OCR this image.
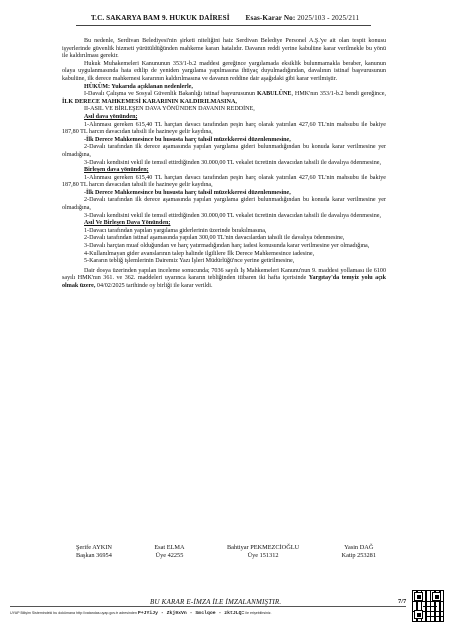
T.C. SAKARYA BAM 9. HUKUK DAİRESİ Esas-Karar No: 2025/103 - 2025/211

Bu nedenle, Serdivan Belediyesi'nin şirketi niteliğini haiz Serdivan Belediye Personel A.Ş.'ye ait olan tespit konusu işyerlerinde güvenlik hizmeti yürütüldüğünden mahkeme kararı hatalıdır. Davanın reddi yerine kabulüne karar verilmekle bu yönü ile kaldırılması gerekir.

Hukuk Muhakemeleri Kanununun 353/1-b.2 maddesi gereğince yargılamada eksiklik bulunmamakla beraber, kanunun olaya uygulanmasında hata edilip de yeniden yargılama yapılmasına ihtiyaç duyulmadığından, davalının istinaf başvurusunun kabulüne, ilk derece mahkemesi kararının kaldırılmasına ve davanın reddine dair aşağıdaki gibi karar verilmiştir.

HÜKÜM: Yukarıda açıklanan nedenlerle,

I-Davalı Çalışma ve Sosyal Güvenlik Bakanlığı istinaf başvurusunun KABULÜNE, HMK'nın 353/1-b.2 bendi gereğince, İLK DERECE MAHKEMESİ KARARININ KALDIRILMASINA,

II-ASIL VE BİRLEŞEN DAVA YÖNÜNDEN DAVANIN REDDİNE,

Asıl dava yönünden;

1-Alınması gereken 615,40 TL harçtan davacı tarafından peşin harç olarak yatırılan 427,60 TL'nin mahsubu ile bakiye 187,80 TL harcın davacıdan tahsili ile hazineye gelir kaydına,

-İlk Derece Mahkemesince bu hususta harç tahsil müzekkeresi düzenlenmesine,

2-Davalı tarafından ilk derece aşamasında yapılan yargılama gideri bulunmadığından bu konuda karar verilmesine yer olmadığına,

3-Davalı kendisini vekil ile temsil ettirdiğinden 30.000,00 TL vekalet ücretinin davacıdan tahsili ile davalıya ödenmesine,

Birleşen dava yönünden;

1-Alınması gereken 615,40 TL harçtan davacı tarafından peşin harç olarak yatırılan 427,60 TL'nin mahsubu ile bakiye 187,80 TL harcın davacıdan tahsili ile hazineye gelir kaydına,

-İlk Derece Mahkemesince bu hususta harç tahsil müzekkeresi düzenlenmesine,

2-Davalı tarafından ilk derece aşamasında yapılan yargılama gideri bulunmadığından bu konuda karar verilmesine yer olmadığına,

3-Davalı kendisini vekil ile temsil ettirdiğinden 30.000,00 TL vekalet ücretinin davacıdan tahsili ile davalıya ödenmesine,

Asıl Ve Birleşen Dava Yönünden;

1-Davacı tarafından yapılan yargılama giderlerinin üzerinde bırakılmasına,

2-Davalı tarafından istinaf aşamasında yapılan 300,00 TL'nin davacılardan tahsili ile davalıya ödenmesine,

3-Davalı harçtan muaf olduğundan ve harç yatırmadığından harç iadesi konusunda karar verilmesine yer olmadığına,

4-Kullanılmayan gider avanslarının talep halinde ilgililere İlk Derece Mahkemesince iadesine,

5-Kararın tebliğ işlemlerinin Dairemiz Yazı İşleri Müdürlüğü'nce yerine getirilmesine,

Dair dosya üzerinden yapılan inceleme sonucunda; 7036 sayılı İş Mahkemeleri Kanunu'nun 9. maddesi yollaması ile 6100 sayılı HMK'nın 361. ve 362. maddeleri uyarınca kararın tebliğinden itibaren iki hafta içerisinde Yargıtay'da temyiz yolu açık olmak üzere, 04/02/2025 tarihinde oy birliği ile karar verildi.

Şerife AYKIN
Başkan 36954
Esat ELMA
Üye 42255
Bahtiyar PEKMEZCİOĞLU
Üye 151312
Yasin DAĞ
Katip 253281
BU KARAR E-İMZA İLE İMZALANMIŞTIR.	7/7
UYAP Bilişim Sistemindeki bu dokümana http://vatandas.uyap.gov.tr adresinden P+JYiJy - Zkj9xVn - Smclqoe - zktJLQ= ile erişebilirsiniz.
